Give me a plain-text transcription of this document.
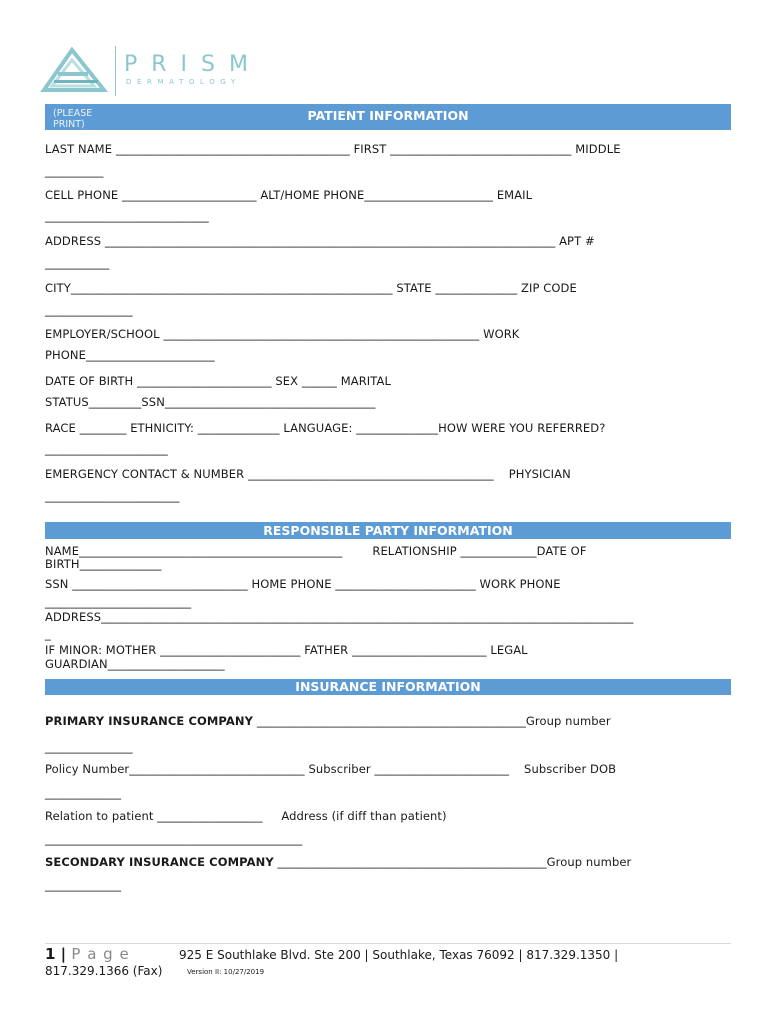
PRISM
DERMATOLOGY
(PLEASE
PRINT)
PATIENT INFORMATION
LAST NAME ________________________________________ FIRST _______________________________ MIDDLE
__________
CELL PHONE _______________________ ALT/HOME PHONE______________________ EMAIL
____________________________
ADDRESS _____________________________________________________________________________ APT #
___________
CITY_______________________________________________________ STATE ______________ ZIP CODE
_______________
EMPLOYER/SCHOOL ______________________________________________________ WORK
PHONE______________________
DATE OF BIRTH _______________________ SEX ______ MARITAL
STATUS_________SSN____________________________________
RACE ________ ETHNICITY: ______________ LANGUAGE: ______________HOW WERE YOU REFERRED?
_____________________
EMERGENCY CONTACT & NUMBER __________________________________________    PHYSICIAN
_______________________
RESPONSIBLE PARTY INFORMATION
NAME_____________________________________________        RELATIONSHIP _____________DATE OF
BIRTH______________
SSN ______________________________ HOME PHONE ________________________ WORK PHONE
_________________________
ADDRESS___________________________________________________________________________________________
_
IF MINOR: MOTHER ________________________ FATHER _______________________ LEGAL
GUARDIAN____________________
INSURANCE INFORMATION
PRIMARY INSURANCE COMPANY ______________________________________________Group number
_______________
Policy Number______________________________ Subscriber _______________________    Subscriber DOB
_____________
Relation to patient __________________     Address (if diff than patient)
____________________________________________
SECONDARY INSURANCE COMPANY ______________________________________________Group number
_____________
1 | P a g e	925 E Southlake Blvd. Ste 200 | Southlake, Texas 76092 | 817.329.1350 |
817.329.1366 (Fax)	Version II: 10/27/2019
